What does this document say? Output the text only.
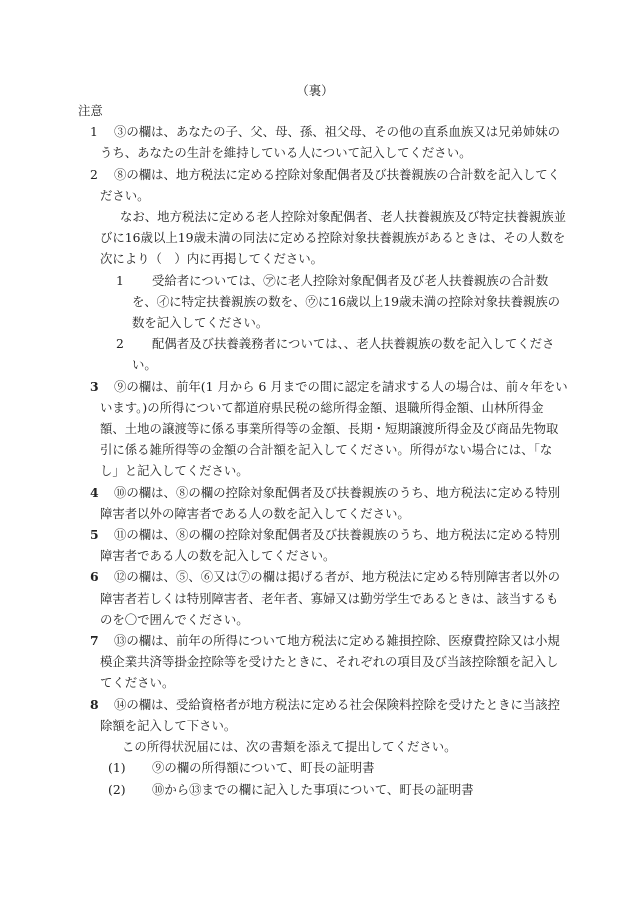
（裏）

注意

1	③の欄は、あなたの子、父、母、孫、祖父母、その他の直系血族又は兄弟姉妹のうち、あなたの生計を維持している人について記入してください。

2	⑧の欄は、地方税法に定める控除対象配偶者及び扶養親族の合計数を記入してください。

なお、地方税法に定める老人控除対象配偶者、老人扶養親族及び特定扶養親族並びに16歳以上19歳未満の同法に定める控除対象扶養親族があるときは、その人数を次により（　）内に再掲してください。

1	受給者については、㋐に老人控除対象配偶者及び老人扶養親族の合計数を、㋑に特定扶養親族の数を、㋒に16歳以上19歳未満の控除対象扶養親族の数を記入してください。

2	配偶者及び扶養義務者については、、老人扶養親族の数を記入してください。

3	⑨の欄は、前年(1 月から 6 月までの間に認定を請求する人の場合は、前々年をいいます。)の所得について都道府県民税の総所得金額、退職所得金額、山林所得金額、土地の譲渡等に係る事業所得等の金額、長期・短期譲渡所得金及び商品先物取引に係る雑所得等の金額の合計額を記入してください。所得がない場合には、「なし」と記入してください。

4	⑩の欄は、⑧の欄の控除対象配偶者及び扶養親族のうち、地方税法に定める特別障害者以外の障害者である人の数を記入してください。

5	⑪の欄は、⑧の欄の控除対象配偶者及び扶養親族のうち、地方税法に定める特別障害者である人の数を記入してください。

6	⑫の欄は、⑤、⑥又は⑦の欄は掲げる者が、地方税法に定める特別障害者以外の障害者若しくは特別障害者、老年者、寡婦又は勤労学生であるときは、該当するものを〇で囲んでください。

7	⑬の欄は、前年の所得について地方税法に定める雑損控除、医療費控除又は小規模企業共済等掛金控除等を受けたときに、それぞれの項目及び当該控除額を記入してください。

8	⑭の欄は、受給資格者が地方税法に定める社会保険料控除を受けたときに当該控除額を記入して下さい。

この所得状況届には、次の書類を添えて提出してください。

(1) ⑨の欄の所得額について、町長の証明書

(2) ⑩から⑬までの欄に記入した事項について、町長の証明書
